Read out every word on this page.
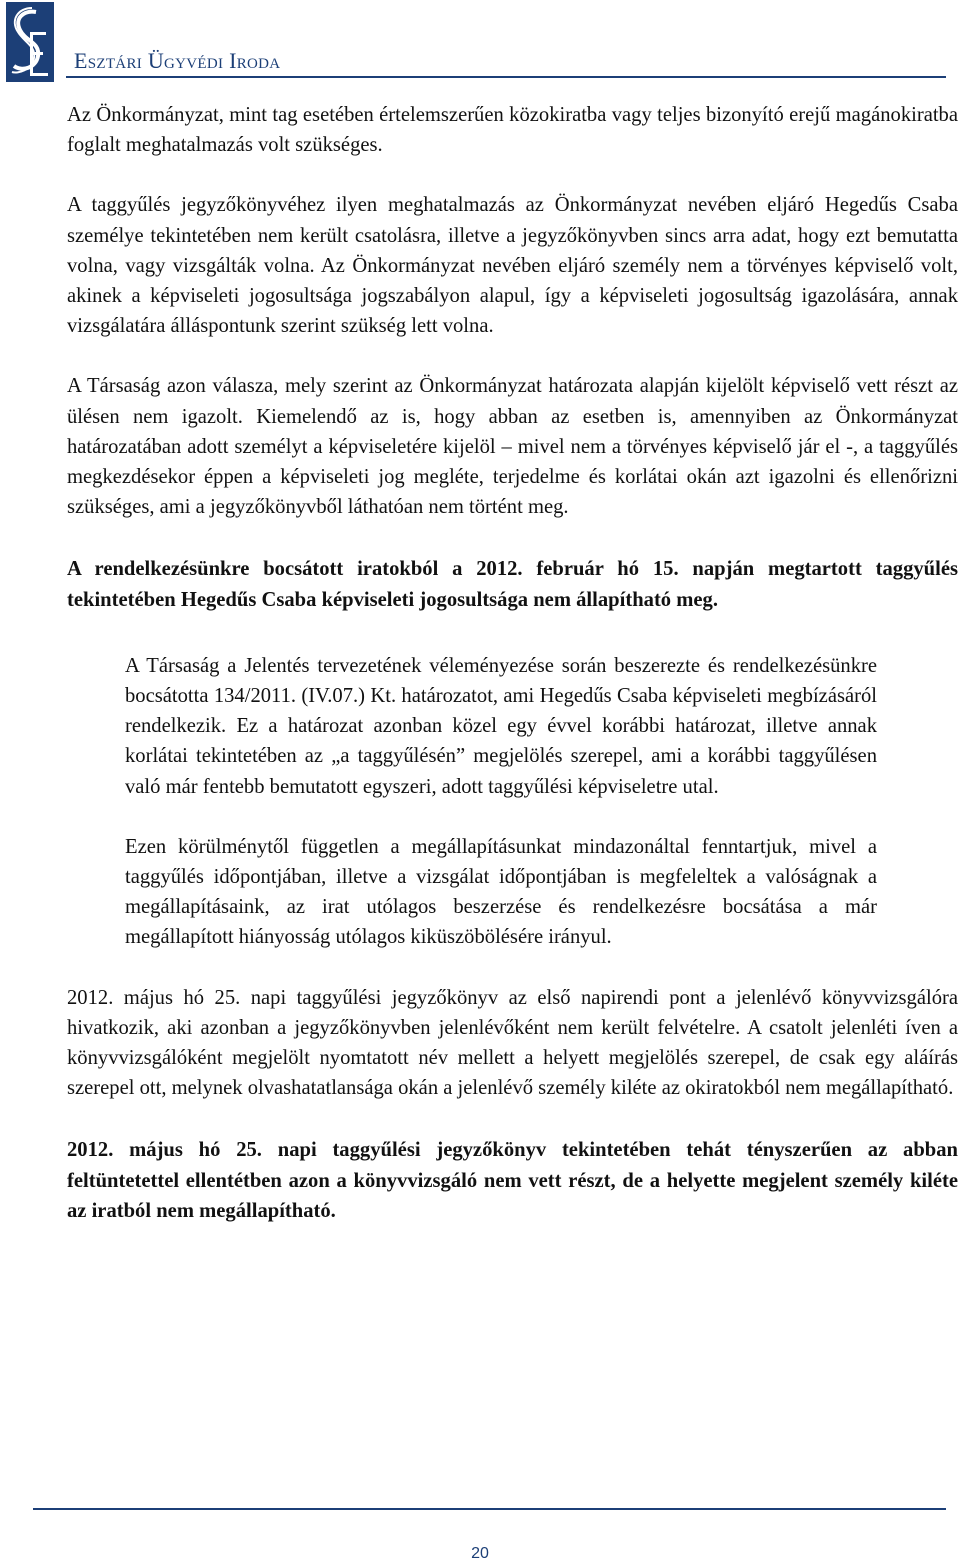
Esztári Ügyvédi Iroda

Az Önkormányzat, mint tag esetében értelemszerűen közokiratba vagy teljes bizonyító erejű magánokiratba foglalt meghatalmazás volt szükséges.

A taggyűlés jegyzőkönyvéhez ilyen meghatalmazás az Önkormányzat nevében eljáró Hegedűs Csaba személye tekintetében nem került csatolásra, illetve a jegyzőkönyvben sincs arra adat, hogy ezt bemutatta volna, vagy vizsgálták volna. Az Önkormányzat nevében eljáró személy nem a törvényes képviselő volt, akinek a képviseleti jogosultsága jogszabályon alapul, így a képviseleti jogosultság igazolására, annak vizsgálatára álláspontunk szerint szükség lett volna.

A Társaság azon válasza, mely szerint az Önkormányzat határozata alapján kijelölt képviselő vett részt az ülésen nem igazolt. Kiemelendő az is, hogy abban az esetben is, amennyiben az Önkormányzat határozatában adott személyt a képviseletére kijelöl – mivel nem a törvényes képviselő jár el -, a taggyűlés megkezdésekor éppen a képviseleti jog megléte, terjedelme és korlátai okán azt igazolni és ellenőrizni szükséges, ami a jegyzőkönyvből láthatóan nem történt meg.

A rendelkezésünkre bocsátott iratokból a 2012. február hó 15. napján megtartott taggyűlés tekintetében Hegedűs Csaba képviseleti jogosultsága nem állapítható meg.

A Társaság a Jelentés tervezetének véleményezése során beszerezte és rendelkezésünkre bocsátotta 134/2011. (IV.07.) Kt. határozatot, ami Hegedűs Csaba képviseleti megbízásáról rendelkezik. Ez a határozat azonban közel egy évvel korábbi határozat, illetve annak korlátai tekintetében az „a taggyűlésén” megjelölés szerepel, ami a korábbi taggyűlésen való már fentebb bemutatott egyszeri, adott taggyűlési képviseletre utal.

Ezen körülménytől független a megállapításunkat mindazonáltal fenntartjuk, mivel a taggyűlés időpontjában, illetve a vizsgálat időpontjában is megfeleltek a valóságnak a megállapításaink, az irat utólagos beszerzése és rendelkezésre bocsátása a már megállapított hiányosság utólagos kiküszöbölésére irányul.

2012. május hó 25. napi taggyűlési jegyzőkönyv az első napirendi pont a jelenlévő könyvvizsgálóra hivatkozik, aki azonban a jegyzőkönyvben jelenlévőként nem került felvételre. A csatolt jelenléti íven a könyvvizsgálóként megjelölt nyomtatott név mellett a helyett megjelölés szerepel, de csak egy aláírás szerepel ott, melynek olvashatatlansága okán a jelenlévő személy kiléte az okiratokból nem megállapítható.

2012. május hó 25. napi taggyűlési jegyzőkönyv tekintetében tehát tényszerűen az abban feltüntetettel ellentétben azon a könyvvizsgáló nem vett részt, de a helyette megjelent személy kiléte az iratból nem megállapítható.

20
